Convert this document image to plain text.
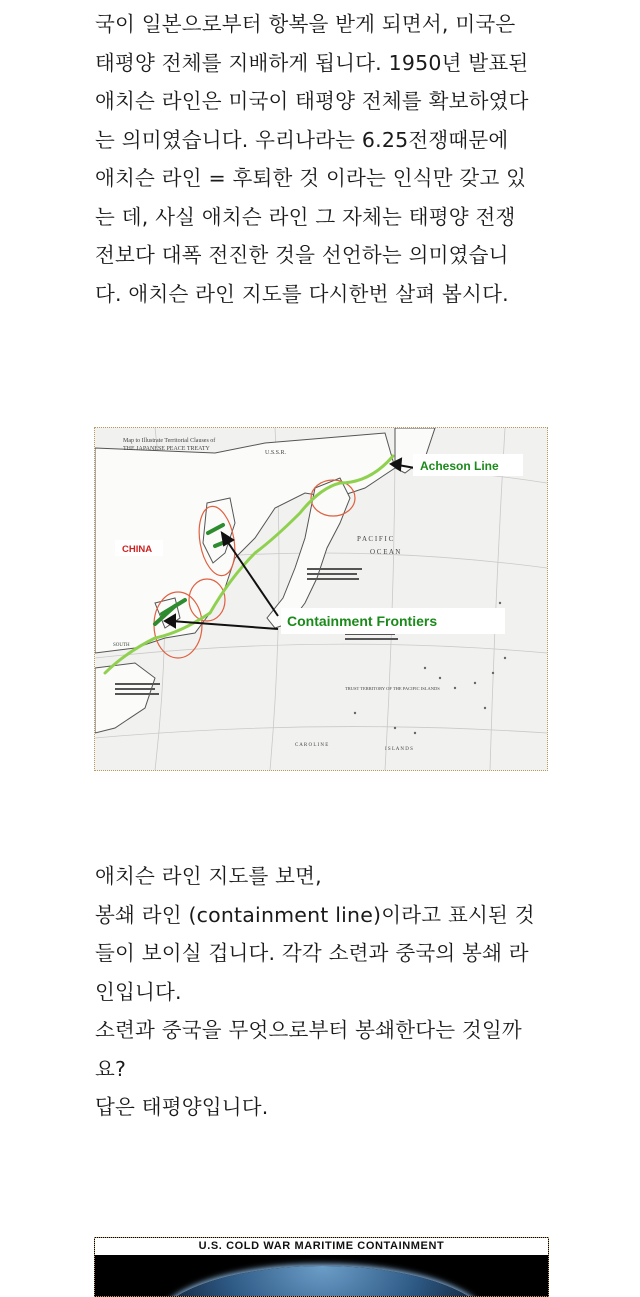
국이 일본으로부터 항복을 받게 되면서, 미국은
태평양 전체를 지배하게 됩니다. 1950년 발표된
애치슨 라인은 미국이 태평양 전체를 확보하였다
는 의미였습니다. 우리나라는 6.25전쟁때문에
애치슨 라인 = 후퇴한 것 이라는 인식만 갖고 있
는 데, 사실 애치슨 라인 그 자체는 태평양 전쟁
전보다 대폭 전진한 것을 선언하는 의미였습니
다. 애치슨 라인 지도를 다시한번 살펴 봅시다.
Map to Illustrate Territorial Clauses of
THE JAPANESE PEACE TREATY
U.S.S.R.
P A C I F I C
O C E A N
TRUST TERRITORY OF THE PACIFIC ISLANDS
SOUTH
C A R O L I N E
I S L A N D S
Acheson Line
Containment Frontiers
CHINA
애치슨 라인 지도를 보면,
봉쇄 라인 (containment line)이라고 표시된 것
들이 보이실 겁니다. 각각 소련과 중국의 봉쇄 라
인입니다.
소련과 중국을 무엇으로부터 봉쇄한다는 것일까
요?
답은 태평양입니다.
U.S. COLD WAR MARITIME CONTAINMENT
